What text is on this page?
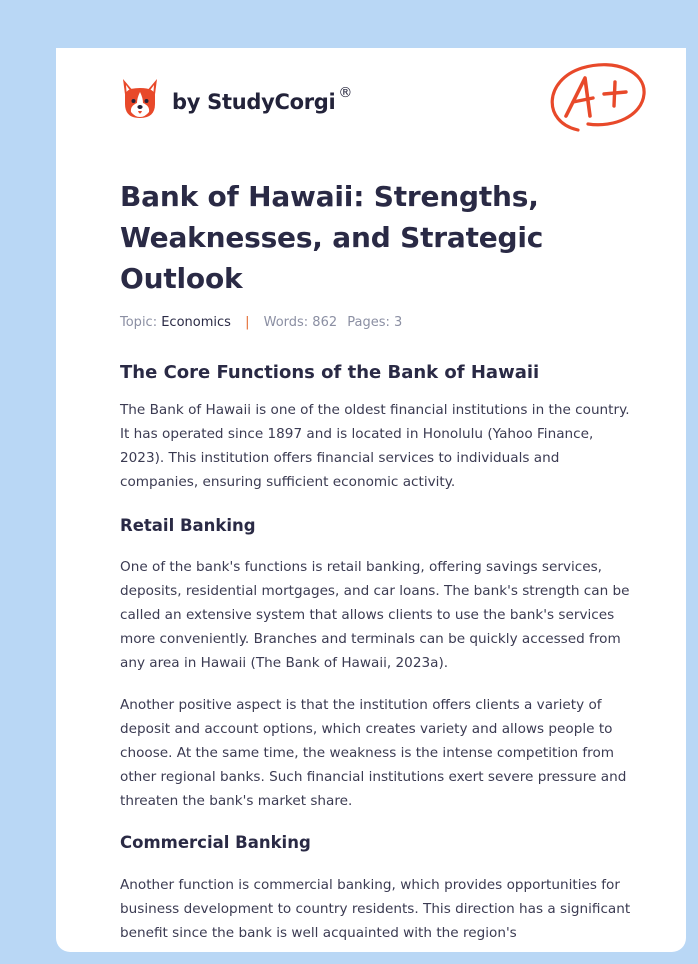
by StudyCorgi ®
Bank of Hawaii: Strengths, Weaknesses, and Strategic Outlook
Topic: Economics | Words: 862 Pages: 3
The Core Functions of the Bank of Hawaii

The Bank of Hawaii is one of the oldest financial institutions in the country. It has operated since 1897 and is located in Honolulu (Yahoo Finance, 2023). This institution offers financial services to individuals and companies, ensuring sufficient economic activity.

Retail Banking

One of the bank's functions is retail banking, offering savings services, deposits, residential mortgages, and car loans. The bank's strength can be called an extensive system that allows clients to use the bank's services more conveniently. Branches and terminals can be quickly accessed from any area in Hawaii (The Bank of Hawaii, 2023a).

Another positive aspect is that the institution offers clients a variety of deposit and account options, which creates variety and allows people to choose. At the same time, the weakness is the intense competition from other regional banks. Such financial institutions exert severe pressure and threaten the bank's market share.

Commercial Banking

Another function is commercial banking, which provides opportunities for business development to country residents. This direction has a significant benefit since the bank is well acquainted with the region's
